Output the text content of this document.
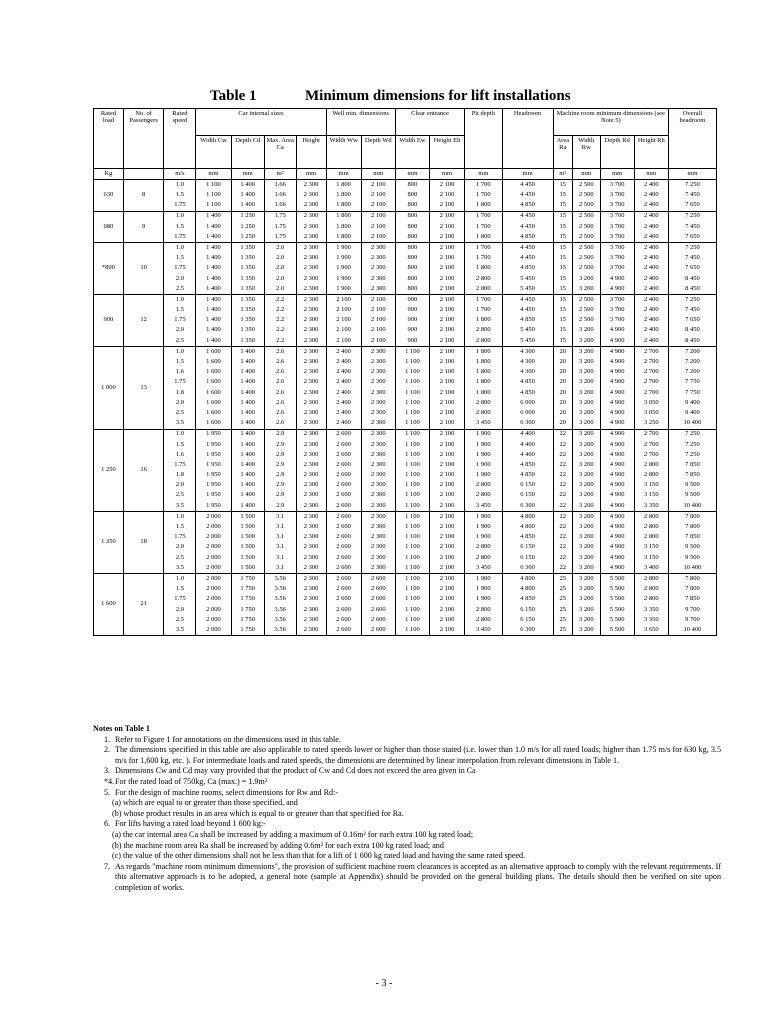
Table 1	Minimum dimensions for lift installations
Rated load	No. of Passengers	Rated speed	Car internal sizes				Well min. dimensions		Clear entrance		Pit depth	Headroom	Machine room minimum dimensions (see Note 5)				Overall headroom
			Width Cw	Depth Cd	Max. Area Ca	Height	Width Ww	Depth Wd	Width Ew	Height Eh			Area Ra	Width Rw	Depth Rd	Height Rh	
Kg		m/s	mm	mm	m²	mm	mm	mm	mm	mm	mm	mm	m²	mm	mm	mm	mm
630	8	1.0	1 100	1 400	1.66	2 300	1 800	2 100	800	2 100	1 700	4 450	15	2 500	3 700	2 400	7 250
		1.5	1 100	1 400	1.66	2 300	1 800	2 100	800	2 100	1 700	4 450	15	2 500	3 700	2 400	7 450
		1.75	1 100	1 400	1.66	2 300	1 800	2 100	800	2 100	1 800	4 850	15	2 500	3 700	2 400	7 650
680	9	1.0	1 400	1 250	1.75	2 300	1 800	2 100	800	2 100	1 700	4 450	15	2 500	3 700	2 400	7 250
		1.5	1 400	1 250	1.75	2 300	1 800	2 100	800	2 100	1 700	4 450	15	2 500	3 700	2 400	7 450
		1.75	1 400	1 250	1.75	2 300	1 800	2 100	800	2 100	1 800	4 850	15	2 500	3 700	2 400	7 650
*800	10	1.0	1 400	1 350	2.0	2 300	1 900	2 300	800	2 100	1 700	4 450	15	2 500	3 700	2 400	7 250
		1.5	1 400	1 350	2.0	2 300	1 900	2 300	800	2 100	1 700	4 450	15	2 500	3 700	2 400	7 450
		1.75	1 400	1 350	2.0	2 300	1 900	2 300	800	2 100	1 800	4 850	15	2 500	3 700	2 400	7 650
		2.0	1 400	1 350	2.0	2 300	1 900	2 300	800	2 100	2 800	5 450	15	3 200	4 900	2 400	8 450
		2.5	1 400	1 350	2.0	2 300	1 900	2 300	800	2 100	2 800	5 450	15	3 200	4 900	2 400	8 450
900	12	1.0	1 400	1 350	2.2	2 300	2 100	2 100	900	2 100	1 700	4 450	15	2 500	3 700	2 400	7 250
		1.5	1 400	1 350	2.2	2 300	2 100	2 100	900	2 100	1 700	4 450	15	2 500	3 700	2 400	7 450
		1.75	1 400	1 350	2.2	2 300	2 100	2 100	900	2 100	1 800	4 850	15	2 500	3 700	2 400	7 650
		2.0	1 400	1 350	2.2	2 300	2 100	2 100	900	2 100	2 800	5 450	15	3 200	4 900	2 400	8 450
		2.5	1 400	1 350	2.2	2 300	2 100	2 100	900	2 100	2 800	5 450	15	3 200	4 900	2 400	8 450
1 000	13	1.0	1 600	1 400	2.6	2 300	2 400	2 300	1 100	2 100	1 800	4 300	20	3 200	4 900	2 700	7 200
		1.5	1 600	1 400	2.6	2 300	2 400	2 300	1 100	2 100	1 800	4 300	20	3 200	4 900	2 700	7 200
		1.6	1 600	1 400	2.6	2 300	2 400	2 300	1 100	2 100	1 800	4 300	20	3 200	4 900	2 700	7 200
		1.75	1 600	1 400	2.6	2 300	2 400	2 300	1 100	2 100	1 800	4 850	20	3 200	4 900	2 700	7 750
		1.8	1 600	1 400	2.6	2 300	2 400	2 300	1 100	2 100	1 800	4 850	20	3 200	4 900	2 700	7 750
		2.0	1 600	1 400	2.6	2 300	2 400	2 300	1 100	2 100	2 800	6 000	20	3 200	4 900	3 050	9 400
		2.5	1 600	1 400	2.6	2 300	2 400	2 300	1 100	2 100	2 800	6 000	20	3 200	4 900	3 050	9 400
		3.5	1 600	1 400	2.6	2 300	2 400	2 300	1 100	2 100	3 450	6 300	20	3 200	4 900	3 250	10 400
1 250	16	1.0	1 950	1 400	2.9	2 300	2 600	2 300	1 100	2 100	1 900	4 400	22	3 200	4 900	2 700	7 250
		1.5	1 950	1 400	2.9	2 300	2 600	2 300	1 100	2 100	1 900	4 400	22	3 200	4 900	2 700	7 250
		1.6	1 950	1 400	2.9	2 300	2 600	2 300	1 100	2 100	1 900	4 400	22	3 200	4 900	2 700	7 250
		1.75	1 950	1 400	2.9	2 300	2 600	2 300	1 100	2 100	1 900	4 850	22	3 200	4 900	2 800	7 850
		1.8	1 950	1 400	2.9	2 300	2 600	2 300	1 100	2 100	1 900	4 850	22	3 200	4 900	2 800	7 850
		2.0	1 950	1 400	2.9	2 300	2 600	2 300	1 100	2 100	2 800	6 150	22	3 200	4 900	3 150	9 500
		2.5	1 950	1 400	2.9	2 300	2 600	2 300	1 100	2 100	2 800	6 150	22	3 200	4 900	3 150	9 500
		3.5	1 950	1 400	2.9	2 300	2 600	2 300	1 100	2 100	3 450	6 300	22	3 200	4 900	3 350	10 400
1 350	18	1.0	2 000	1 500	3.1	2 300	2 600	2 300	1 100	2 100	1 900	4 800	22	3 200	4 900	2 800	7 800
		1.5	2 000	1 500	3.1	2 300	2 600	2 300	1 100	2 100	1 900	4 800	22	3 200	4 900	2 800	7 800
		1.75	2 000	1 500	3.1	2 300	2 600	2 300	1 100	2 100	1 900	4 850	22	3 200	4 900	2 800	7 850
		2.0	2 000	1 500	3.1	2 300	2 600	2 300	1 100	2 100	2 800	6 150	22	3 200	4 900	3 150	9 500
		2.5	2 000	1 500	3.1	2 300	2 600	2 300	1 100	2 100	2 800	6 150	22	3 200	4 900	3 150	9 500
		3.5	2 000	1 500	3.1	2 300	2 600	2 300	1 100	2 100	3 450	6 300	22	3 200	4 900	3 400	10 400
1 600	21	1.0	2 000	1 750	3.56	2 300	2 600	2 600	1 100	2 100	1 900	4 800	25	3 200	5 500	2 800	7 800
		1.5	2 000	1 750	3.56	2 300	2 600	2 600	1 100	2 100	1 900	4 800	25	3 200	5 500	2 800	7 800
		1.75	2 000	1 750	3.56	2 300	2 600	2 600	1 100	2 100	1 900	4 850	25	3 200	5 500	2 800	7 850
		2.0	2 000	1 750	3.56	2 300	2 600	2 600	1 100	2 100	2 800	6 150	25	3 200	5 500	3 350	9 700
		2.5	2 000	1 750	3.56	2 300	2 600	2 600	1 100	2 100	2 800	6 150	25	3 200	5 500	3 350	9 700
		3.5	2 000	1 750	3.56	2 300	2 600	2 600	1 100	2 100	3 450	6 300	25	3 200	5 500	3 650	10 400
Notes on Table 1
1. Refer to Figure 1 for annotations on the dimensions used in this table.
2. The dimensions specified in this table are also applicable to rated speeds lower or higher than those stated (i.e. lower than 1.0 m/s for all rated loads; higher than 1.75 m/s for 630 kg, 3.5 m/s for 1,600 kg, etc. ). For intermediate loads and rated speeds, the dimensions are determined by linear interpolation from relevant dimensions in Table 1.
3. Dimensions Cw and Cd may vary provided that the product of Cw and Cd does not exceed the area given in Ca
*4.For the rated load of 750kg, Ca (max.) = 1.9m²
5. For the design of machine rooms, select dimensions for Rw and Rd:-
(a) which are equal to or greater than those specified, and
(b) whose product results in an area which is equal to or greater than that specified for Ra.
6. For lifts having a rated load beyond 1 600 kg:-
(a) the car internal area Ca shall be increased by adding a maximum of 0.16m² for each extra 100 kg rated load;
(b) the machine room area Ra shall be increased by adding 0.6m² for each extra 100 kg rated load; and
(c) the value of the other dimensions shall not be less than that for a lift of 1 600 kg rated load and having the same rated speed.
7. As regards "machine room minimum dimensions", the provision of sufficient machine room clearances is accepted as an alternative approach to comply with the relevant requirements. If this alternative approach is to be adopted, a general note (sample at Appendix) should be provided on the general building plans. The details should then be verified on site upon completion of works.
- 3 -
